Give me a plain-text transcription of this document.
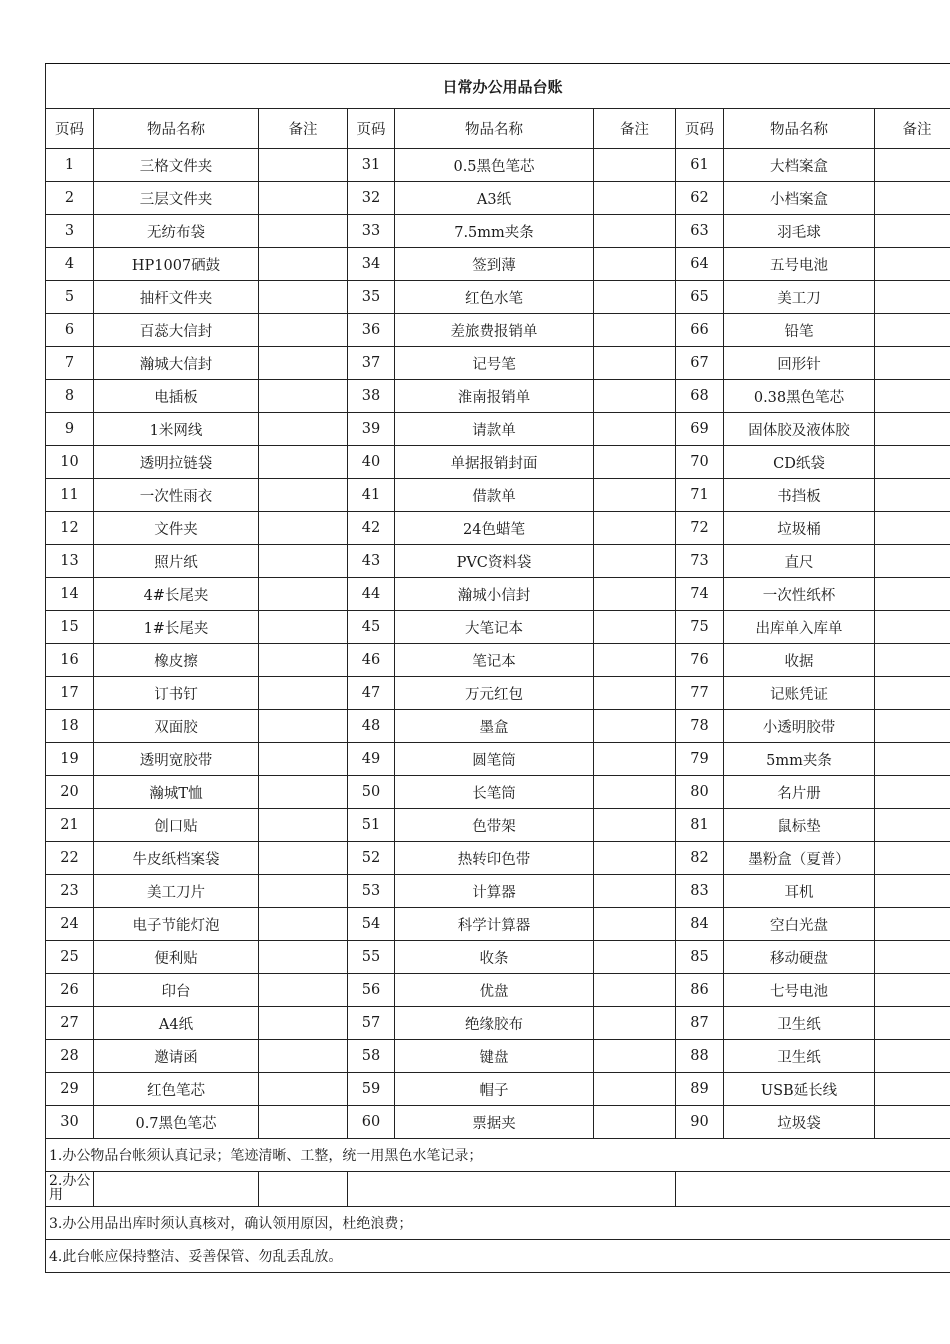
日常办公用品台账								
页码	物品名称	备注	页码	物品名称	备注	页码	物品名称	备注
1	三格文件夹		31	0.5黑色笔芯		61	大档案盒	
2	三层文件夹		32	A3纸		62	小档案盒	
3	无纺布袋		33	7.5mm夹条		63	羽毛球	
4	HP1007硒鼓		34	签到薄		64	五号电池	
5	抽杆文件夹		35	红色水笔		65	美工刀	
6	百蕊大信封		36	差旅费报销单		66	铅笔	
7	瀚城大信封		37	记号笔		67	回形针	
8	电插板		38	淮南报销单		68	0.38黑色笔芯	
9	1米网线		39	请款单		69	固体胶及液体胶	
10	透明拉链袋		40	单据报销封面		70	CD纸袋	
11	一次性雨衣		41	借款单		71	书挡板	
12	文件夹		42	24色蜡笔		72	垃圾桶	
13	照片纸		43	PVC资料袋		73	直尺	
14	4#长尾夹		44	瀚城小信封		74	一次性纸杯	
15	1#长尾夹		45	大笔记本		75	出库单入库单	
16	橡皮擦		46	笔记本		76	收据	
17	订书钉		47	万元红包		77	记账凭证	
18	双面胶		48	墨盒		78	小透明胶带	
19	透明宽胶带		49	圆笔筒		79	5mm夹条	
20	瀚城T恤		50	长笔筒		80	名片册	
21	创口贴		51	色带架		81	鼠标垫	
22	牛皮纸档案袋		52	热转印色带		82	墨粉盒（夏普）	
23	美工刀片		53	计算器		83	耳机	
24	电子节能灯泡		54	科学计算器		84	空白光盘	
25	便利贴		55	收条		85	移动硬盘	
26	印台		56	优盘		86	七号电池	
27	A4纸		57	绝缘胶布		87	卫生纸	
28	邀请函		58	键盘		88	卫生纸	
29	红色笔芯		59	帽子		89	USB延长线	
30	0.7黑色笔芯		60	票据夹		90	垃圾袋	
1.办公物品台帐须认真记录；笔迹清晰、工整，统一用黑色水笔记录；								
2.办公用								
3.办公用品出库时须认真核对，确认领用原因，杜绝浪费；								
4.此台帐应保持整洁、妥善保管、勿乱丢乱放。								
